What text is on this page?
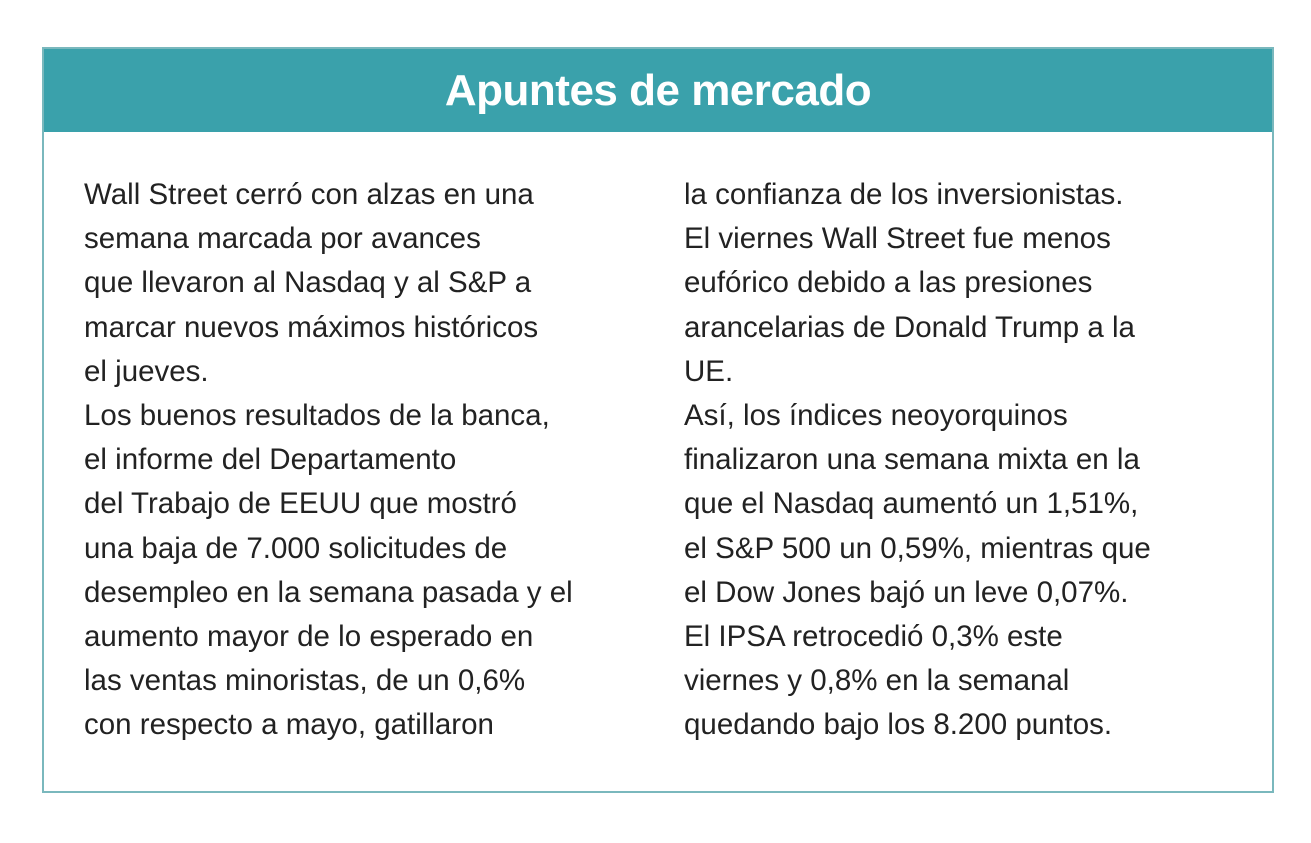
Apuntes de mercado
Wall Street cerró con alzas en una
semana marcada por avances
que llevaron al Nasdaq y al S&P a
marcar nuevos máximos históricos
el jueves.
Los buenos resultados de la banca,
el informe del Departamento
del Trabajo de EEUU que mostró
una baja de 7.000 solicitudes de
desempleo en la semana pasada y el
aumento mayor de lo esperado en
las ventas minoristas, de un 0,6%
con respecto a mayo, gatillaron
la confianza de los inversionistas.
El viernes Wall Street fue menos
eufórico debido a las presiones
arancelarias de Donald Trump a la
UE.
Así, los índices neoyorquinos
finalizaron una semana mixta en la
que el Nasdaq aumentó un 1,51%,
el S&P 500 un 0,59%, mientras que
el Dow Jones bajó un leve 0,07%.
El IPSA retrocedió 0,3% este
viernes y 0,8% en la semanal
quedando bajo los 8.200 puntos.
